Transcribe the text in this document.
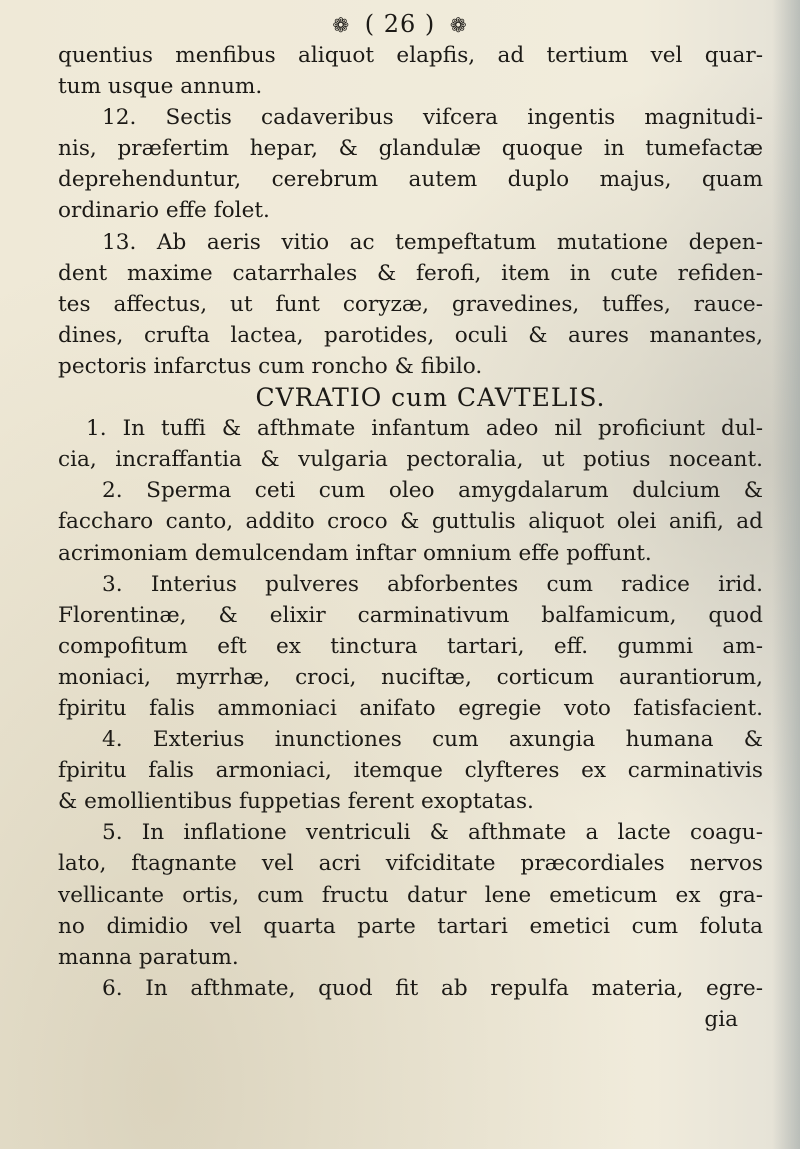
❁ ( 26 ) ❁
quentius menfibus aliquot elapfis, ad tertium vel quar-
tum usque annum.
12. Sectis cadaveribus vifcera ingentis magnitudi-
nis, præfertim hepar, & glandulæ quoque in tumefactæ
deprehenduntur, cerebrum autem duplo majus, quam
ordinario effe folet.
13. Ab aeris vitio ac tempeftatum mutatione depen-
dent maxime catarrhales & ferofi, item in cute refiden-
tes affectus, ut funt coryzæ, gravedines, tuffes, rauce-
dines, crufta lactea, parotides, oculi & aures manantes,
pectoris infarctus cum roncho & fibilo.
CVRATIO cum CAVTELIS.
1. In tuffi & afthmate infantum adeo nil proficiunt dul-
cia, incraffantia & vulgaria pectoralia, ut potius noceant.
2. Sperma ceti cum oleo amygdalarum dulcium &
faccharo canto, addito croco & guttulis aliquot olei anifi, ad
acrimoniam demulcendam inftar omnium effe poffunt.
3. Interius pulveres abforbentes cum radice irid.
Florentinæ, & elixir carminativum balfamicum, quod
compofitum eft ex tinctura tartari, eff. gummi am-
moniaci, myrrhæ, croci, nuciftæ, corticum aurantiorum,
fpiritu falis ammoniaci anifato egregie voto fatisfacient.
4. Exterius inunctiones cum axungia humana &
fpiritu falis armoniaci, itemque clyfteres ex carminativis
& emollientibus fuppetias ferent exoptatas.
5. In inflatione ventriculi & afthmate a lacte coagu-
lato, ftagnante vel acri vifciditate præcordiales nervos
vellicante ortis, cum fructu datur lene emeticum ex gra-
no dimidio vel quarta parte tartari emetici cum foluta
manna paratum.
6. In afthmate, quod fit ab repulfa materia, egre-
gia
